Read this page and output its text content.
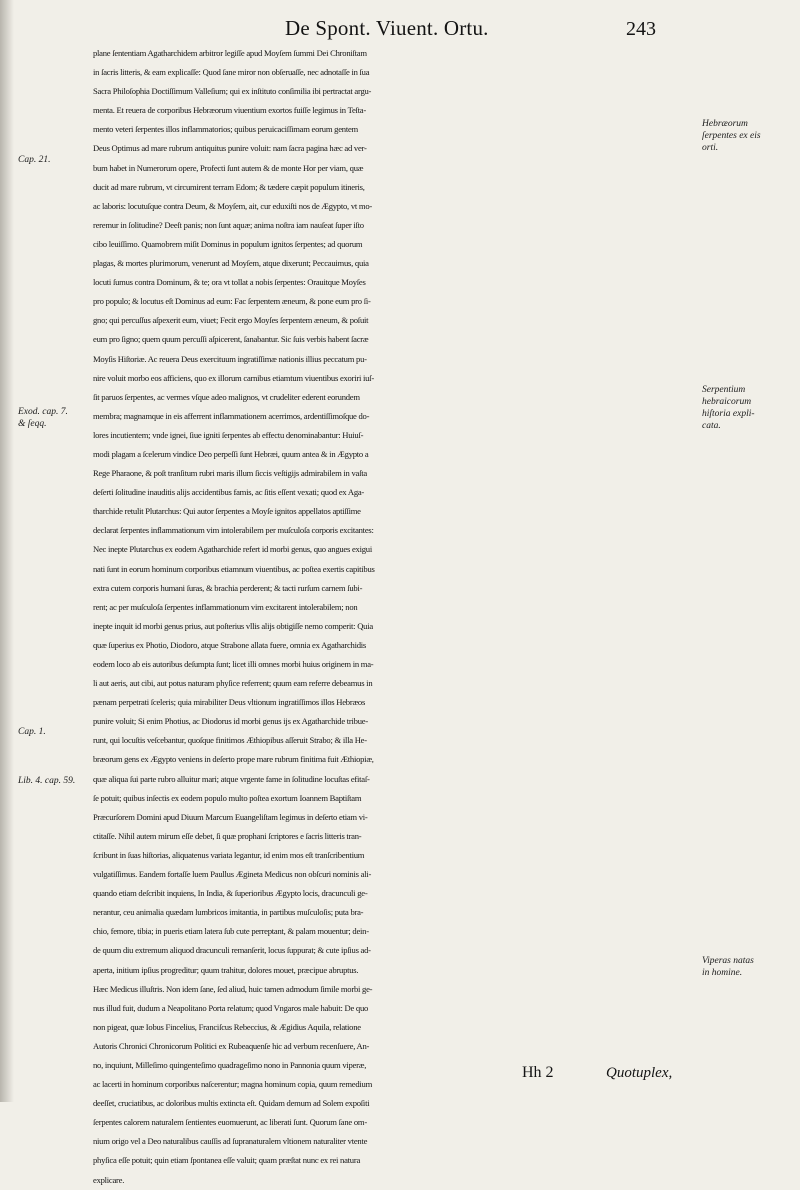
De Spont. Viuent. Ortu.	243
plane ſententiam Agatharchidem arbitror legiſſe apud Moyſem ſummi Dei Chroniſtam
in ſacris litteris, & eam explicaſſe: Quod ſane miror non obſeruaſſe, nec adnotaſſe in ſua
Sacra Philoſophia Doctiſſimum Valleſium; qui ex inſtituto conſimilia ibi pertractat argu-
menta. Et reuera de corporibus Hebræorum viuentium exortos fuiſſe legimus in Teſta-
mento veteri ſerpentes illos inflammatorios; quibus peruicaciſſimam eorum gentem
Deus Optimus ad mare rubrum antiquitus punire voluit: nam ſacra pagina hæc ad ver-
bum habet in Numerorum opere, Profecti ſunt autem & de monte Hor per viam, quæ
ducit ad mare rubrum, vt circumirent terram Edom; & tædere cæpit populum itineris,
ac laboris: locutuſque contra Deum, & Moyſem, ait, cur eduxiſti nos de Ægypto, vt mo-
reremur in ſolitudine? Deeſt panis; non ſunt aquæ; anima noſtra iam nauſeat ſuper iſto
cibo leuiſſimo. Quamobrem miſit Dominus in populum ignitos ſerpentes; ad quorum
plagas, & mortes plurimorum, venerunt ad Moyſem, atque dixerunt; Peccauimus, quia
locuti ſumus contra Dominum, & te; ora vt tollat a nobis ſerpentes: Orauitque Moyſes
pro populo; & locutus eſt Dominus ad eum: Fac ſerpentem æneum, & pone eum pro ſi-
gno; qui percuſſus aſpexerit eum, viuet; Fecit ergo Moyſes ſerpentem æneum, & poſuit
eum pro ſigno; quem quum percuſſi aſpicerent, ſanabantur. Sic ſuis verbis habent ſacræ
Moyſis Hiſtoriæ. Ac reuera Deus exercituum ingratiſſimæ nationis illius peccatum pu-
nire voluit morbo eos afficiens, quo ex illorum carnibus etiamtum viuentibus exoriri iuſ-
ſit paruos ſerpentes, ac vermes vſque adeo malignos, vt crudeliter ederent eorundem
membra; magnamque in eis afferrent inflammationem acerrimos, ardentiſſimoſque do-
lores incutientem; vnde ignei, ſiue igniti ſerpentes ab effectu denominabantur: Huiuſ-
modi plagam a ſcelerum vindice Deo perpeſſi ſunt Hebræi, quum antea & in Ægypto a
Rege Pharaone, & poſt tranſitum rubri maris illum ſiccis veſtigijs admirabilem in vaſta
deſerti ſolitudine inauditis alijs accidentibus famis, ac ſitis eſſent vexati; quod ex Aga-
tharchide retulit Plutarchus: Qui autor ſerpentes a Moyſe ignitos appellatos aptiſſime
declarat ſerpentes inflammationum vim intolerabilem per muſculoſa corporis excitantes:
Nec inepte Plutarchus ex eodem Agatharchide refert id morbi genus, quo angues exigui
nati ſunt in eorum hominum corporibus etiamnum viuentibus, ac poſtea exertis capitibus
extra cutem corporis humani ſuras, & brachia perderent; & tacti rurſum carnem ſubi-
rent; ac per muſculoſa ſerpentes inflammationum vim excitarent intolerabilem; non
inepte inquit id morbi genus prius, aut poſterius vllis alijs obtigiſſe nemo comperit: Quia
quæ ſuperius ex Photio, Diodoro, atque Strabone allata fuere, omnia ex Agatharchidis
eodem loco ab eis autoribus deſumpta ſunt; licet illi omnes morbi huius originem in ma-
li aut aeris, aut cibi, aut potus naturam phyſice referrent; quum eam referre debeamus in
pænam perpetrati ſceleris; quia mirabiliter Deus vltionum ingratiſſimos illos Hebræos
punire voluit; Si enim Photius, ac Diodorus id morbi genus ijs ex Agatharchide tribue-
runt, qui locuſtis veſcebantur, quoſque finitimos Æthiopibus aſſeruit Strabo; & illa He-
bræorum gens ex Ægypto veniens in deſerto prope mare rubrum finitima fuit Æthiopiæ,
quæ aliqua ſui parte rubro alluitur mari; atque vrgente fame in ſolitudine locuſtas efitaſ-
ſe potuit; quibus inſectis ex eodem populo multo poſtea exortum Ioannem Baptiſtam
Præcurſorem Domini apud Diuum Marcum Euangeliſtam legimus in deſerto etiam vi-
ctitaſſe. Nihil autem mirum eſſe debet, ſi quæ prophani ſcriptores e ſacris litteris tran-
ſcribunt in ſuas hiſtorias, aliquatenus variata legantur, id enim mos eſt tranſcribentium
vulgatiſſimus. Eandem fortaſſe luem Paullus Ægineta Medicus non obſcuri nominis ali-
quando etiam deſcribit inquiens, In India, & ſuperioribus Ægypto locis, dracunculi ge-
nerantur, ceu animalia quædam lumbricos imitantia, in partibus muſculoſis; puta bra-
chio, femore, tibia; in pueris etiam latera ſub cute perreptant, & palam mouentur; dein-
de quum diu extremum aliquod dracunculi remanſerit, locus ſuppurat; & cute ipſius ad-
aperta, initium ipſius progreditur; quum trahitur, dolores mouet, præcipue abruptus.
Hæc Medicus illuſtris. Non idem ſane, ſed aliud, huic tamen admodum ſimile morbi ge-
nus illud fuit, dudum a Neapolitano Porta relatum; quod Vngaros male habuit: De quo
non pigeat, quæ Iobus Fincelius, Franciſcus Rebeccius, & Ægidius Aquila, relatione
Autoris Chronici Chronicorum Politici ex Rubeaquenſe hic ad verbum recenſuere, An-
no, inquiunt, Milleſimo quingenteſimo quadrageſimo nono in Pannonia quum viperæ,
ac lacerti in hominum corporibus naſcerentur; magna hominum copia, quum remedium
deeſſet, cruciatibus, ac doloribus multis extincta eſt. Quidam demum ad Solem expoſiti
ſerpentes calorem naturalem ſentientes euomuerunt, ac liberati ſunt. Quorum ſane om-
nium origo vel a Deo naturalibus cauſſis ad ſupranaturalem vltionem naturaliter vtente
phyſica eſſe potuit; quin etiam ſpontanea eſſe valuit; quam præſtat nunc ex rei natura
explicare.
Cap. 21.
Exod. cap. 7.
& ſeqq.
Cap. 1.
Lib. 4. cap. 59.
Hebræorum
ſerpentes ex eis
orti.
Serpentium
hebraicorum
hiſtoria expli-
cata.
Viperas natas
in homine.
Hh 2	Quotuplex,
